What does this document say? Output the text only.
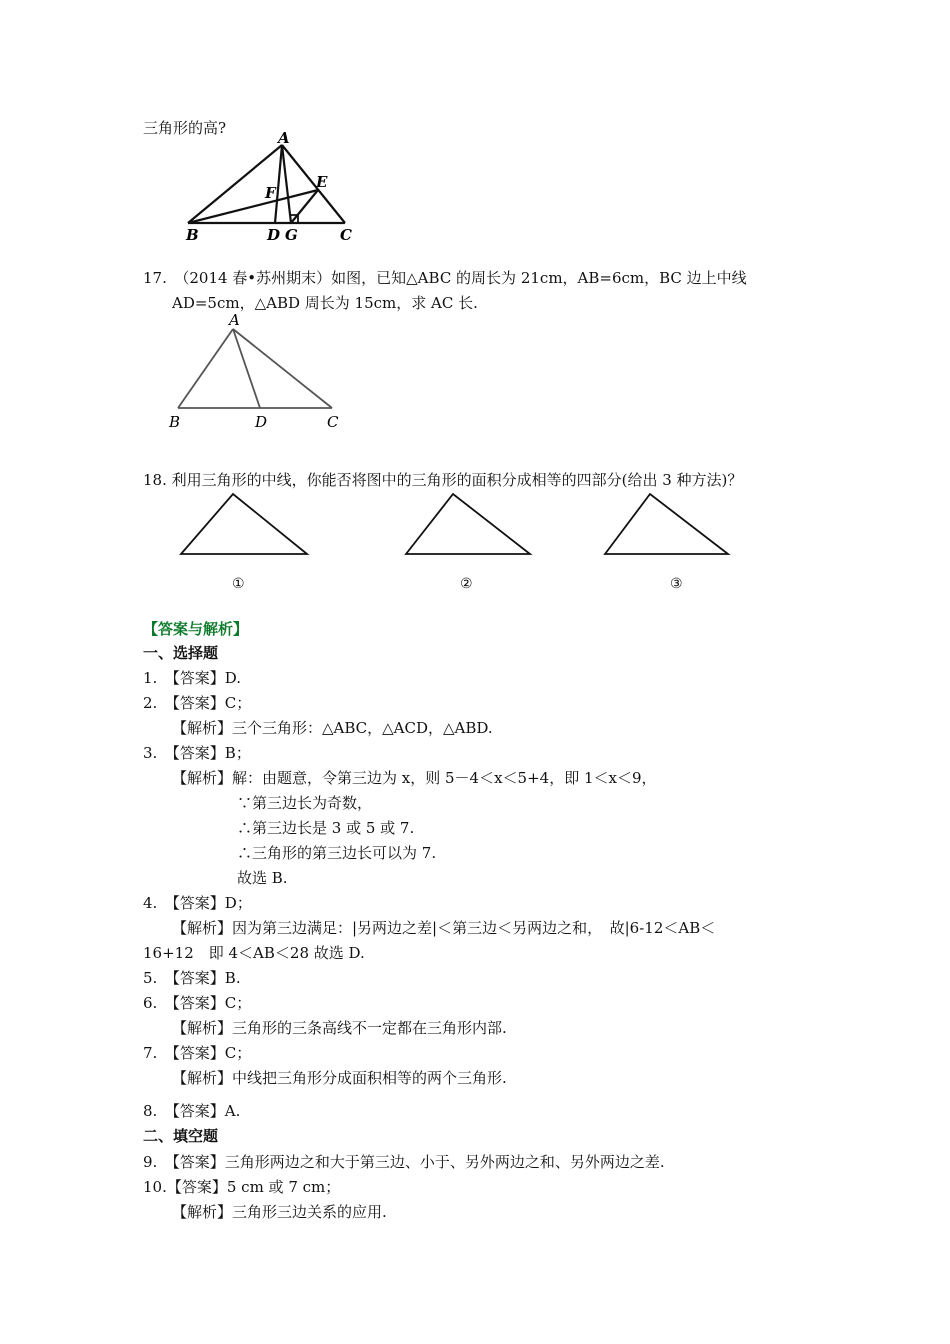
三角形的高?
A
B	C
D G
E
F
17.　（2014 春•苏州期末）如图，已知△ABC 的周长为 21cm，AB=6cm，BC 边上中线
AD=5cm，△ABD 周长为 15cm，求 AC 长.
A
B	D	C
18. 利用三角形的中线，你能否将图中的三角形的面积分成相等的四部分(给出 3 种方法)？
①	②	③
【答案与解析】
一、选择题
1.　【答案】D.
2.　【答案】C；
【解析】三个三角形：△ABC，△ACD，△ABD.
3.　【答案】B；
【解析】解：由题意，令第三边为 x，则 5－4＜x＜5+4，即 1＜x＜9，
∵第三边长为奇数，
∴第三边长是 3 或 5 或 7.
∴三角形的第三边长可以为 7.
故选 B.
4.　【答案】D；
【解析】因为第三边满足：|另两边之差|＜第三边＜另两边之和，　故|6-12＜AB＜
16+12　即 4＜AB＜28 故选 D.
5.　【答案】B.
6.　【答案】C；
【解析】三角形的三条高线不一定都在三角形内部.
7.　【答案】C；
【解析】中线把三角形分成面积相等的两个三角形.
8.　【答案】A.
二、填空题
9.　【答案】三角形两边之和大于第三边、小于、另外两边之和、另外两边之差.
10.【答案】5 cm 或 7 cm；
【解析】三角形三边关系的应用.
